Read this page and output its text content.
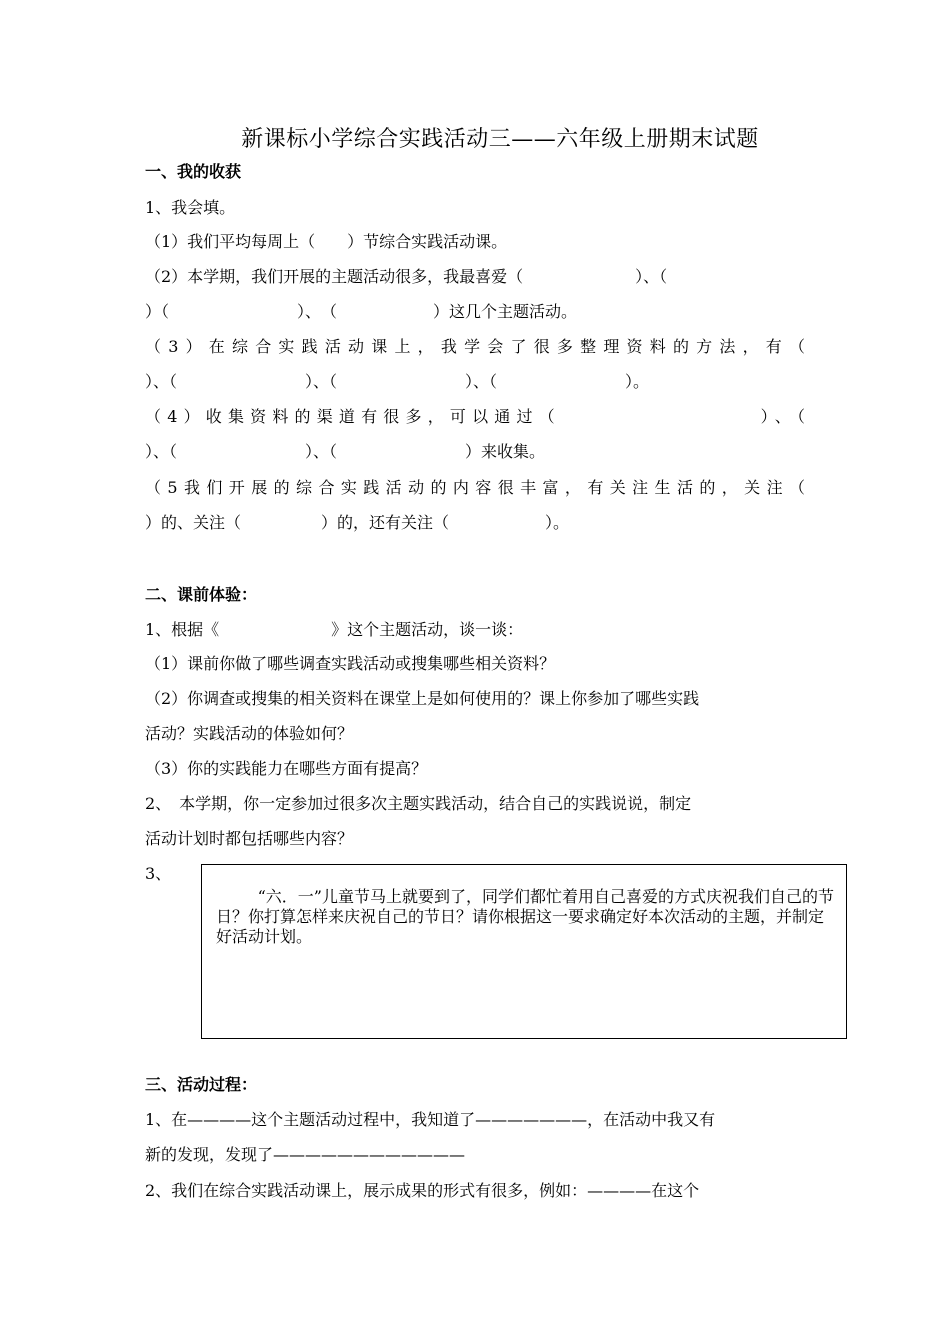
新课标小学综合实践活动三——六年级上册期末试题
一、我的收获
1、我会填。
（1）我们平均每周上（　　）节综合实践活动课。
（2）本学期，我们开展的主题活动很多，我最喜爱（　　　　　　　）、（
）（　　　　　　　　）、　（　　　　　　）这几个主题活动。
（3）在综合实践活动课上，我学会了很多整理资料的方法，有（
）、（　　　　　　　　）、（　　　　　　　　）、（　　　　　　　　）。
（4）收集资料的渠道有很多，可以通过（　　　　　　　　　）、（
）、（　　　　　　　　）、（　　　　　　　　）来收集。
（5我们开展的综合实践活动的内容很丰富，有关注生活的，关注（
）的、关注（　　　　　）的，还有关注（　　　　　　）。
二、课前体验：
1、根据《　　　　　　　》这个主题活动，谈一谈：
（1）课前你做了哪些调查实践活动或搜集哪些相关资料？
（2）你调查或搜集的相关资料在课堂上是如何使用的？课上你参加了哪些实践
活动？实践活动的体验如何？
（3）你的实践能力在哪些方面有提高？
2、　本学期，你一定参加过很多次主题实践活动，结合自己的实践说说，制定
活动计划时都包括哪些内容？
3、
“六．一”儿童节马上就要到了，同学们都忙着用自己喜爱的方式庆祝我们自己的节日？你打算怎样来庆祝自己的节日？请你根据这一要求确定好本次活动的主题，并制定好活动计划。
三、活动过程：
1、在————这个主题活动过程中，我知道了———————，在活动中我又有
新的发现，发现了————————————
2、我们在综合实践活动课上，展示成果的形式有很多，例如：————在这个
